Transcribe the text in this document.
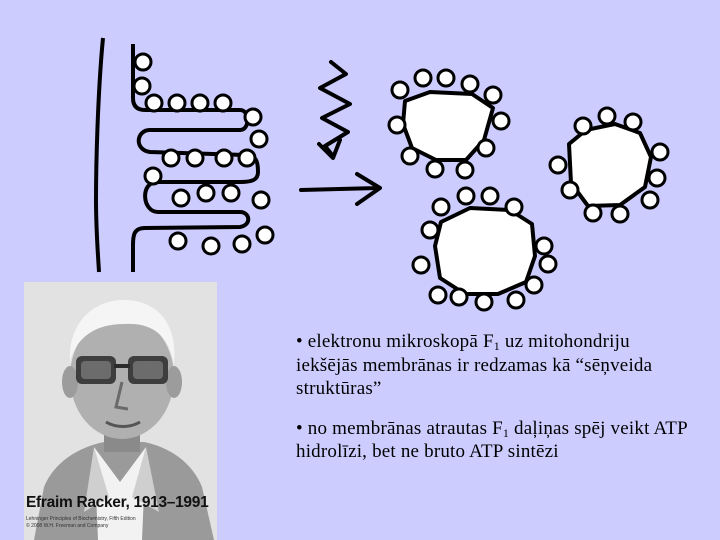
Efraim Racker, 1913–1991
Lehninger Principles of Biochemistry, Fifth Edition
© 2008 W.H. Freeman and Company
• elektronu mikroskopā $F_1$ uz mitohondriju iekšējās membrānas ir redzamas kā “sēņveida struktūras”
• no membrānas atrautas $F_1$ daļiņas spēj veikt ATP hidrolīzi, bet ne bruto ATP sintēzi
